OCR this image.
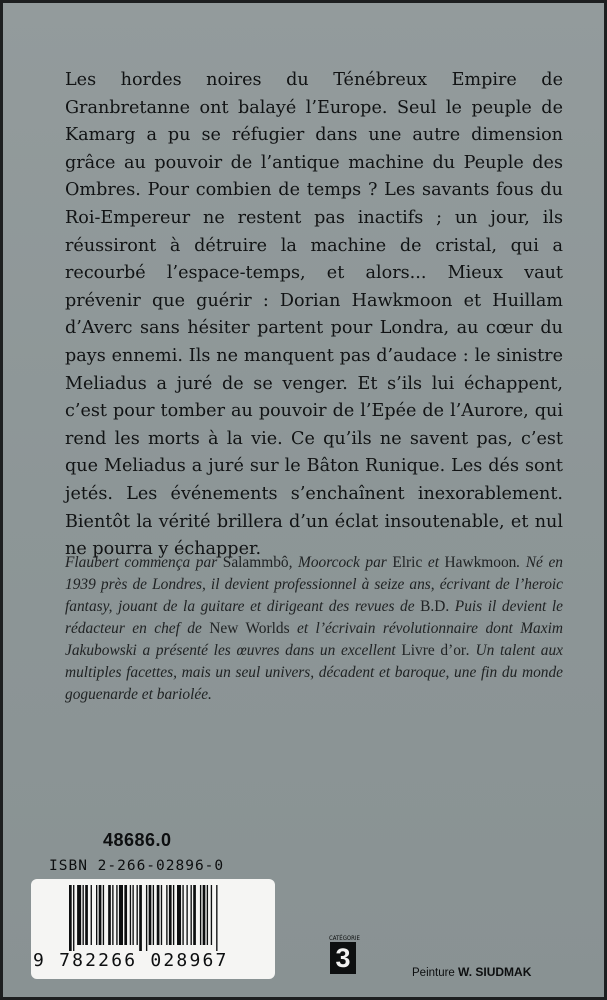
Les hordes noires du Ténébreux Empire de Granbretanne ont balayé l’Europe. Seul le peuple de Kamarg a pu se réfugier dans une autre dimension grâce au pouvoir de l’antique machine du Peuple des Ombres. Pour combien de temps ? Les savants fous du Roi-Empereur ne restent pas inactifs ; un jour, ils réussiront à détruire la machine de cristal, qui a recourbé l’espace-temps, et alors... Mieux vaut prévenir que guérir : Dorian Hawkmoon et Huillam d’Averc sans hésiter partent pour Londra, au cœur du pays ennemi. Ils ne manquent pas d’audace : le sinistre Meliadus a juré de se venger. Et s’ils lui échappent, c’est pour tomber au pouvoir de l’Epée de l’Aurore, qui rend les morts à la vie. Ce qu’ils ne savent pas, c’est que Meliadus a juré sur le Bâton Runique. Les dés sont jetés. Les événements s’enchaînent inexorablement. Bientôt la vérité brillera d’un éclat insoutenable, et nul ne pourra y échapper.

Flaubert commença par Salammbô, Moorcock par Elric et Hawkmoon. Né en 1939 près de Londres, il devient professionnel à seize ans, écrivant de l’heroic fantasy, jouant de la guitare et dirigeant des revues de B.D. Puis il devient le rédacteur en chef de New Worlds et l’écrivain révolutionnaire dont Maxim Jakubowski a présenté les œuvres dans un excellent Livre d’or. Un talent aux multiples facettes, mais un seul univers, décadent et baroque, une fin du monde goguenarde et bariolée.

48686.0
ISBN 2-266-02896-0
9 782266 028967
CATÉGORIE
3	Peinture W. SIUDMAK
